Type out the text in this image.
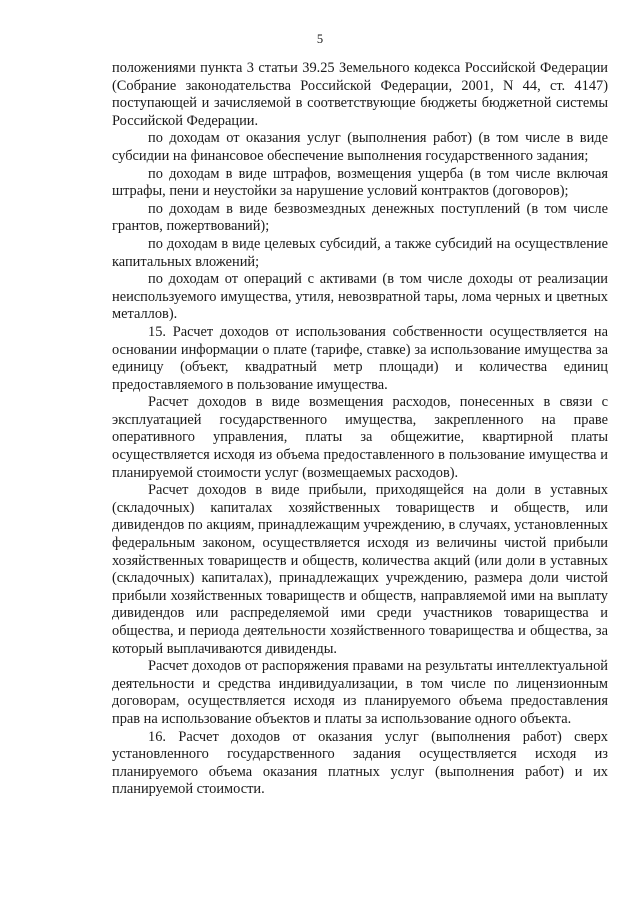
5

положениями пункта 3 статьи 39.25 Земельного кодекса Российской Федерации (Собрание законодательства Российской Федерации, 2001, N 44, ст. 4147) поступающей и зачисляемой в соответствующие бюджеты бюджетной системы Российской Федерации.

по доходам от оказания услуг (выполнения работ) (в том числе в виде субсидии на финансовое обеспечение выполнения государственного задания;

по доходам в виде штрафов, возмещения ущерба (в том числе включая штрафы, пени и неустойки за нарушение условий контрактов (договоров);

по доходам в виде безвозмездных денежных поступлений (в том числе грантов, пожертвований);

по доходам в виде целевых субсидий, а также субсидий на осуществление капитальных вложений;

по доходам от операций с активами (в том числе доходы от реализации неиспользуемого имущества, утиля, невозвратной тары, лома черных и цветных металлов).

15. Расчет доходов от использования собственности осуществляется на основании информации о плате (тарифе, ставке) за использование имущества за единицу (объект, квадратный метр площади) и количества единиц предоставляемого в пользование имущества.

Расчет доходов в виде возмещения расходов, понесенных в связи с эксплуатацией государственного имущества, закрепленного на праве оперативного управления, платы за общежитие, квартирной платы осуществляется исходя из объема предоставленного в пользование имущества и планируемой стоимости услуг (возмещаемых расходов).

Расчет доходов в виде прибыли, приходящейся на доли в уставных (складочных) капиталах хозяйственных товариществ и обществ, или дивидендов по акциям, принадлежащим учреждению, в случаях, установленных федеральным законом, осуществляется исходя из величины чистой прибыли хозяйственных товариществ и обществ, количества акций (или доли в уставных (складочных) капиталах), принадлежащих учреждению, размера доли чистой прибыли хозяйственных товариществ и обществ, направляемой ими на выплату дивидендов или распределяемой ими среди участников товарищества и общества, и периода деятельности хозяйственного товарищества и общества, за который выплачиваются дивиденды.

Расчет доходов от распоряжения правами на результаты интеллектуальной деятельности и средства индивидуализации, в том числе по лицензионным договорам, осуществляется исходя из планируемого объема предоставления прав на использование объектов и платы за использование одного объекта.

16. Расчет доходов от оказания услуг (выполнения работ) сверх установленного государственного задания осуществляется исходя из планируемого объема оказания платных услуг (выполнения работ) и их планируемой стоимости.
